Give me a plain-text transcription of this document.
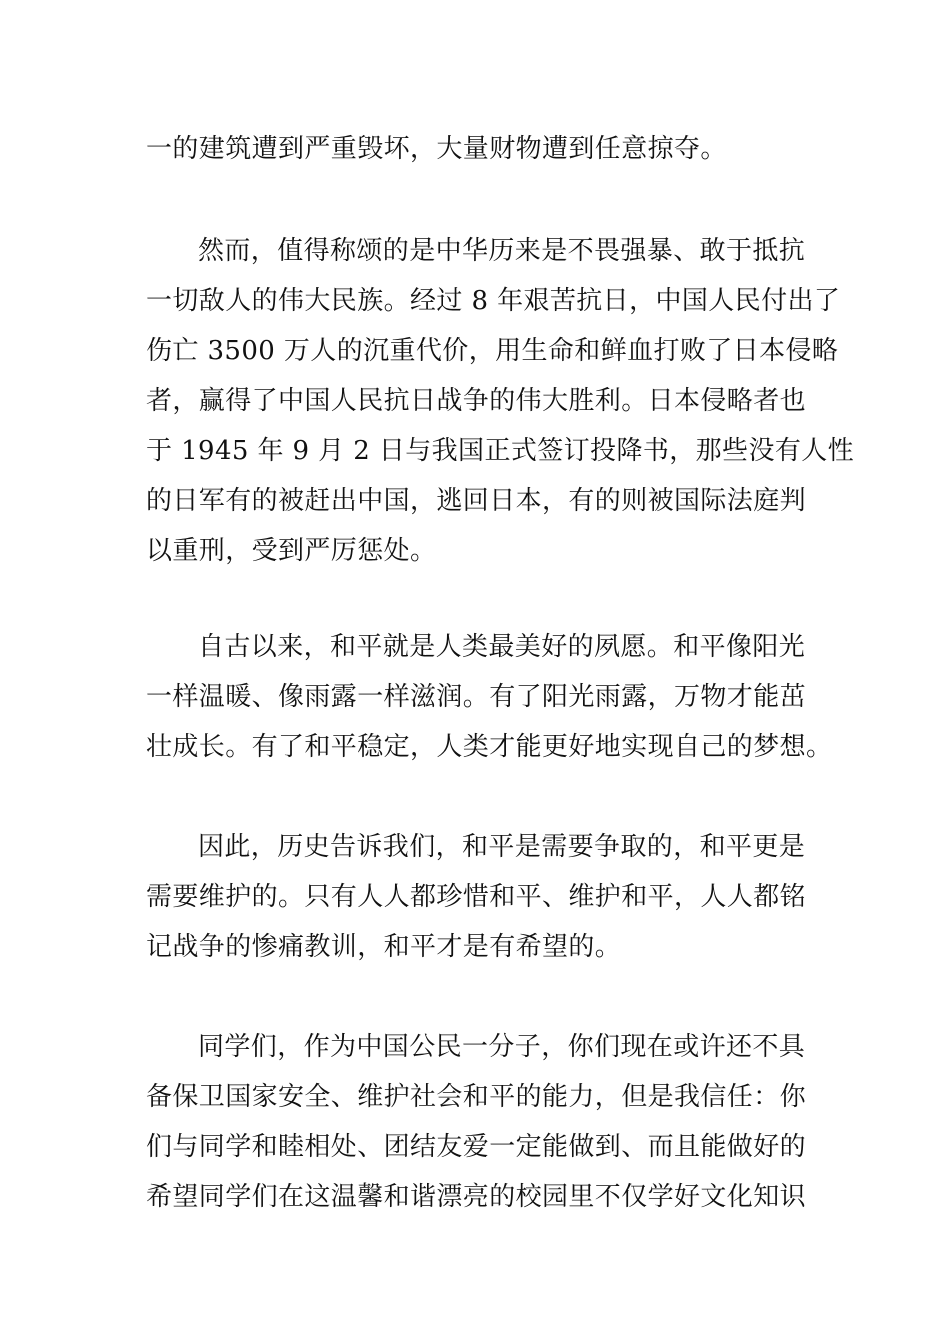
一的建筑遭到严重毁坏，大量财物遭到任意掠夺。
然而，值得称颂的是中华历来是不畏强暴、敢于抵抗
一切敌人的伟大民族。经过 8 年艰苦抗日，中国人民付出了
伤亡 3500 万人的沉重代价，用生命和鲜血打败了日本侵略
者，赢得了中国人民抗日战争的伟大胜利。日本侵略者也
于 1945 年 9 月 2 日与我国正式签订投降书，那些没有人性
的日军有的被赶出中国，逃回日本，有的则被国际法庭判
以重刑，受到严厉惩处。
自古以来，和平就是人类最美好的夙愿。和平像阳光
一样温暖、像雨露一样滋润。有了阳光雨露，万物才能茁
壮成长。有了和平稳定，人类才能更好地实现自己的梦想。
因此，历史告诉我们，和平是需要争取的，和平更是
需要维护的。只有人人都珍惜和平、维护和平，人人都铭
记战争的惨痛教训，和平才是有希望的。
同学们，作为中国公民一分子，你们现在或许还不具
备保卫国家安全、维护社会和平的能力，但是我信任：你
们与同学和睦相处、团结友爱一定能做到、而且能做好的
希望同学们在这温馨和谐漂亮的校园里不仅学好文化知识
